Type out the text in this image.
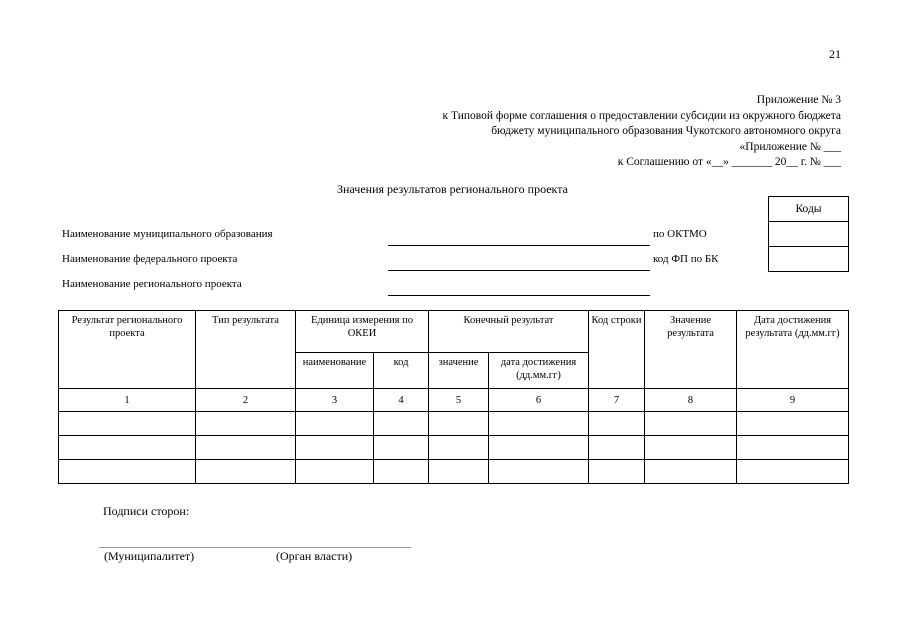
21
Приложение № 3
к Типовой форме соглашения о предоставлении субсидии из окружного бюджета
бюджету муниципального образования Чукотского автономного округа
«Приложение № ___
к Соглашению от «__» _______ 20__ г. № ___
Значения результатов регионального проекта
Коды
Наименование муниципального образования	по ОКТМО
Наименование федерального проекта	код ФП по БК
Наименование регионального проекта
Результат регионального проекта	Тип результата	Единица измерения по ОКЕИ		Конечный результат		Код строки	Значение результата	Дата достижения результата (дд.мм.гг)
		наименование	код	значение	дата достижения (дд.мм.гг)			
1	2	3	4	5	6	7	8	9

Подписи сторон:
(Муниципалитет)	(Орган власти)
